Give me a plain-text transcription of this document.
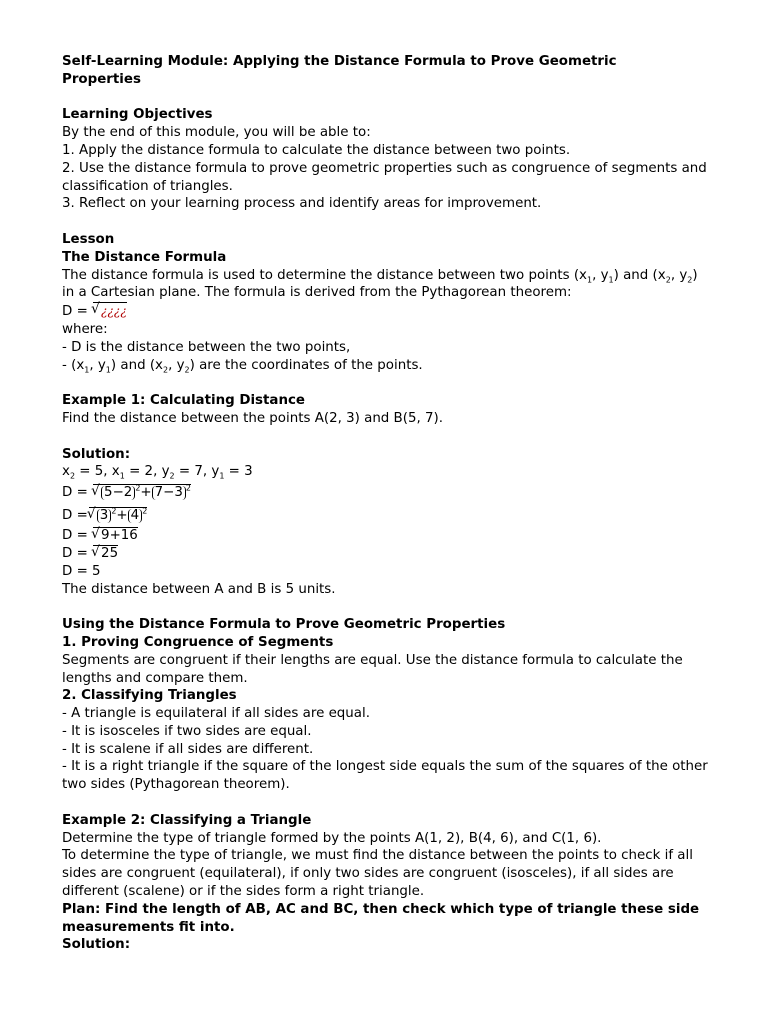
Self-Learning Module: Applying the Distance Formula to Prove Geometric
Properties
Learning Objectives
By the end of this module, you will be able to:
1. Apply the distance formula to calculate the distance between two points.
2. Use the distance formula to prove geometric properties such as congruence of segments and classification of triangles.
3. Reflect on your learning process and identify areas for improvement.
Lesson
The Distance Formula
The distance formula is used to determine the distance between two points ($x_1$, $y_1$) and ($x_2$, $y_2$) in a Cartesian plane. The formula is derived from the Pythagorean theorem:
D = √ ¿¿¿¿
where:
- D is the distance between the two points,
- ($x_1$, $y_1$) and ($x_2$, $y_2$) are the coordinates of the points.
Example 1: Calculating Distance
Find the distance between the points A(2, 3) and B(5, 7).
Solution:
$x_2 = 5$, $x_1 = 2$, $y_2 = 7$, $y_1 = 3$
D = √ 5−2 $^2$+ 7−3 $^2$
D =√ 3 $^2$+ 4 $^2$
D = √ 9+16
D = √ 25
D = 5
The distance between A and B is 5 units.
Using the Distance Formula to Prove Geometric Properties
1. Proving Congruence of Segments
Segments are congruent if their lengths are equal. Use the distance formula to calculate the lengths and compare them.
2. Classifying Triangles
- A triangle is equilateral if all sides are equal.
- It is isosceles if two sides are equal.
- It is scalene if all sides are different.
- It is a right triangle if the square of the longest side equals the sum of the squares of the other two sides (Pythagorean theorem).
Example 2: Classifying a Triangle
Determine the type of triangle formed by the points A(1, 2), B(4, 6), and C(1, 6).
To determine the type of triangle, we must find the distance between the points to check if all sides are congruent (equilateral), if only two sides are congruent (isosceles), if all sides are different (scalene) or if the sides form a right triangle.
Plan: Find the length of AB, AC and BC, then check which type of triangle these side measurements fit into.
Solution:
